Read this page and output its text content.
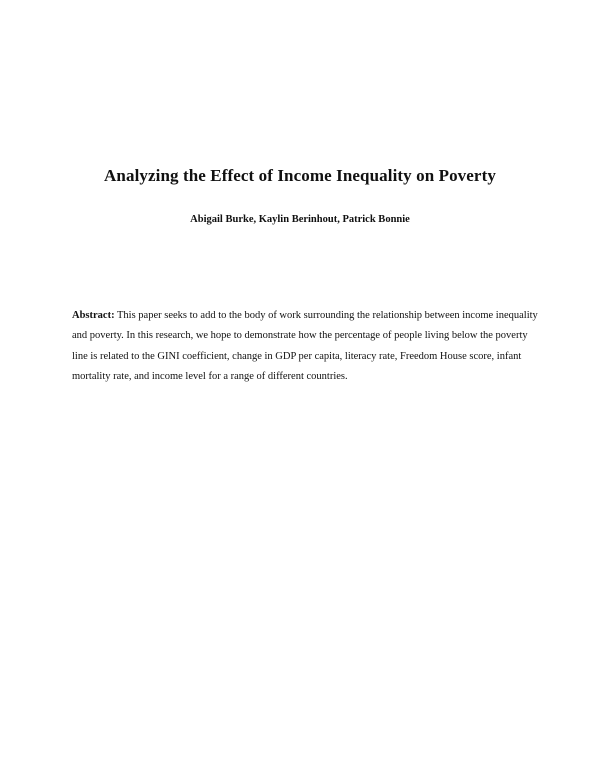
Analyzing the Effect of Income Inequality on Poverty

Abigail Burke, Kaylin Berinhout, Patrick Bonnie

Abstract: This paper seeks to add to the body of work surrounding the relationship between income inequality and poverty. In this research, we hope to demonstrate how the percentage of people living below the poverty line is related to the GINI coefficient, change in GDP per capita, literacy rate, Freedom House score, infant mortality rate, and income level for a range of different countries.
